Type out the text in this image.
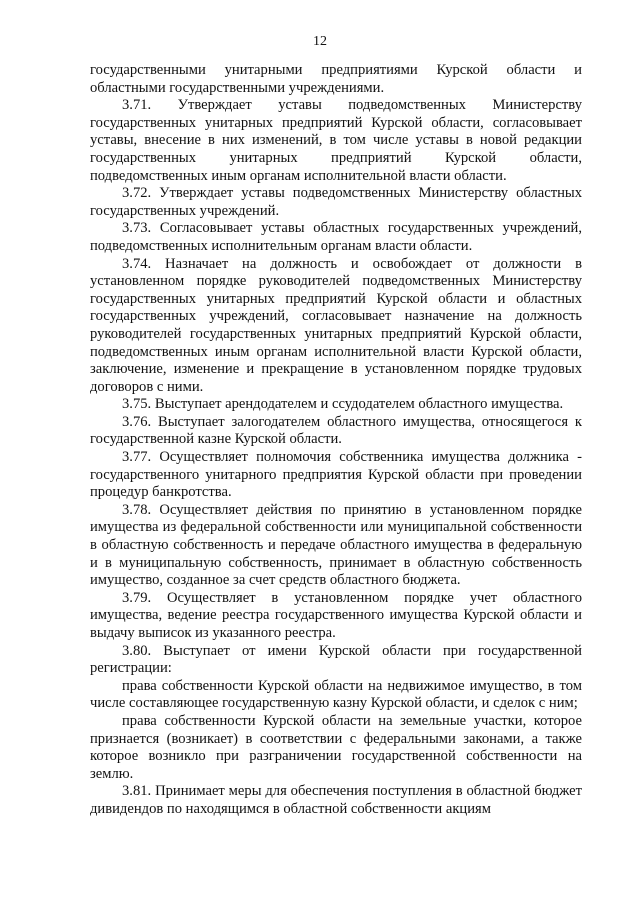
12

государственными унитарными предприятиями Курской области и областными государственными учреждениями.

3.71. Утверждает уставы подведомственных Министерству государственных унитарных предприятий Курской области, согласовывает уставы, внесение в них изменений, в том числе уставы в новой редакции государственных унитарных предприятий Курской области, подведомственных иным органам исполнительной власти области.

3.72. Утверждает уставы подведомственных Министерству областных государственных учреждений.

3.73. Согласовывает уставы областных государственных учреждений, подведомственных исполнительным органам власти области.

3.74. Назначает на должность и освобождает от должности в установленном порядке руководителей подведомственных Министерству государственных унитарных предприятий Курской области и областных государственных учреждений, согласовывает назначение на должность руководителей государственных унитарных предприятий Курской области, подведомственных иным органам исполнительной власти Курской области, заключение, изменение и прекращение в установленном порядке трудовых договоров с ними.

3.75. Выступает арендодателем и ссудодателем областного имущества.

3.76. Выступает залогодателем областного имущества, относящегося к государственной казне Курской области.

3.77. Осуществляет полномочия собственника имущества должника - государственного унитарного предприятия Курской области при проведении процедур банкротства.

3.78. Осуществляет действия по принятию в установленном порядке имущества из федеральной собственности или муниципальной собственности в областную собственность и передаче областного имущества в федеральную и в муниципальную собственность, принимает в областную собственность имущество, созданное за счет средств областного бюджета.

3.79. Осуществляет в установленном порядке учет областного имущества, ведение реестра государственного имущества Курской области и выдачу выписок из указанного реестра.

3.80. Выступает от имени Курской области при государственной регистрации:

права собственности Курской области на недвижимое имущество, в том числе составляющее государственную казну Курской области, и сделок с ним;

права собственности Курской области на земельные участки, которое признается (возникает) в соответствии с федеральными законами, а также которое возникло при разграничении государственной собственности на землю.

3.81. Принимает меры для обеспечения поступления в областной бюджет дивидендов по находящимся в областной собственности акциям
